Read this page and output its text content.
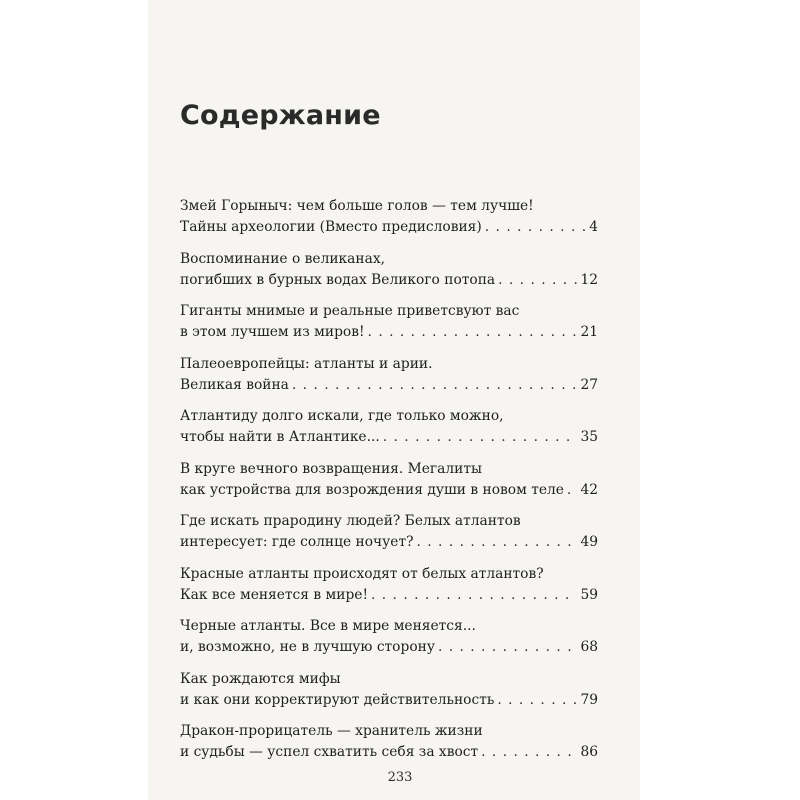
Содержание
Змей Горыныч: чем больше голов — тем лучше!
Тайны археологии (Вместо предисловия) . . .	4
Воспоминание о великанах,
погибших в бурных водах Великого потопа . . .	12
Гиганты мнимые и реальные приветсвуют вас
в этом лучшем из миров! . . .	21
Палеоевропейцы: атланты и арии.
Великая война . . .	27
Атлантиду долго искали, где только можно,
чтобы найти в Атлантике... . . .	35
В круге вечного возвращения. Мегалиты
как устройства для возрождения души в новом теле . . . 42
Где искать прародину людей? Белых атлантов
интересует: где солнце ночует? . . .	49
Красные атланты происходят от белых атлантов?
Как все меняется в мире! . . .	59
Черные атланты. Все в мире меняется...
и, возможно, не в лучшую сторону . . .	68
Как рождаются мифы
и как они корректируют действительность . . .	79
Дракон-прорицатель — хранитель жизни
и судьбы — успел схватить себя за хвост . . .	86
233
